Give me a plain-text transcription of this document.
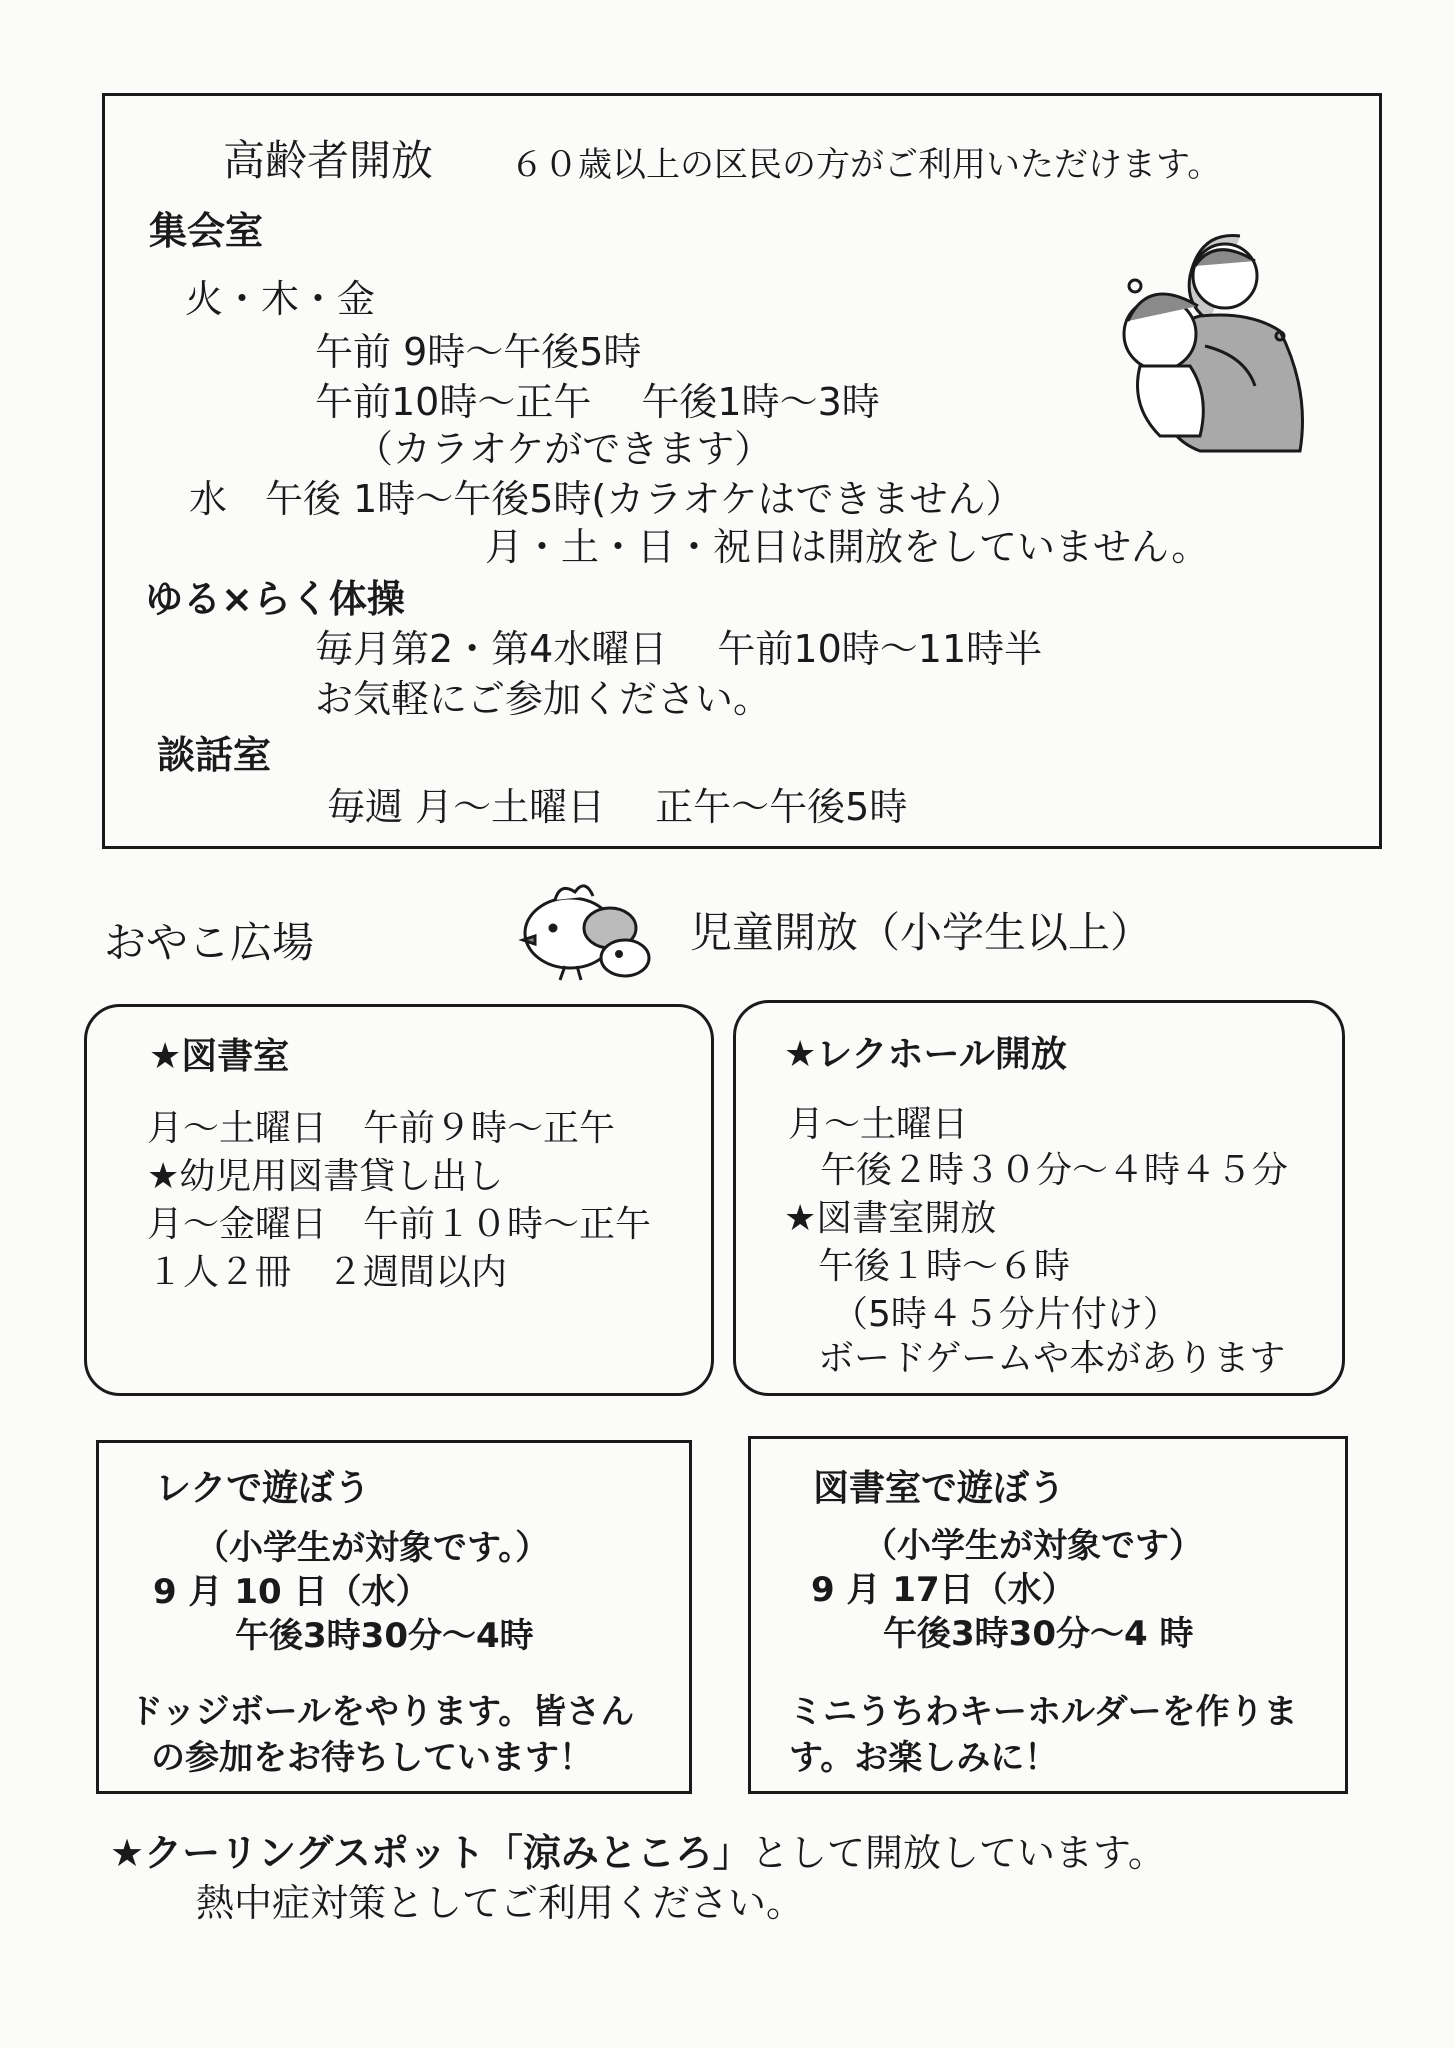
高齢者開放 ６０歳以上の区民の方がご利用いただけます。
集会室
火・木・金
午前 9時～午後5時
午前10時～正午　 午後1時～3時
（カラオケができます）
水　午後 1時～午後5時(カラオケはできません）
月・土・日・祝日は開放をしていません。
ゆる×らく体操
毎月第2・第4水曜日　 午前10時～11時半
お気軽にご参加ください。
談話室
毎週 月～土曜日　 正午～午後5時
おやこ広場	児童開放（小学生以上）
★図書室
月～土曜日　午前９時～正午
★幼児用図書貸し出し
月～金曜日　午前１０時～正午
１人２冊　２週間以内
★レクホール開放
月～土曜日
午後２時３０分～４時４５分
★図書室開放
午後１時～６時
（5時４５分片付け）
ボードゲームや本があります
レクで遊ぼう
（小学生が対象です。）
9 月 10 日（水）
午後3時30分～4時
ドッジボールをやります。皆さん
の参加をお待ちしています！
図書室で遊ぼう
（小学生が対象です）
9 月 17日（水）
午後3時30分～4 時
ミニうちわキーホルダーを作りま
す。お楽しみに！
★クーリングスポット「涼みところ」として開放しています。
熱中症対策としてご利用ください。
